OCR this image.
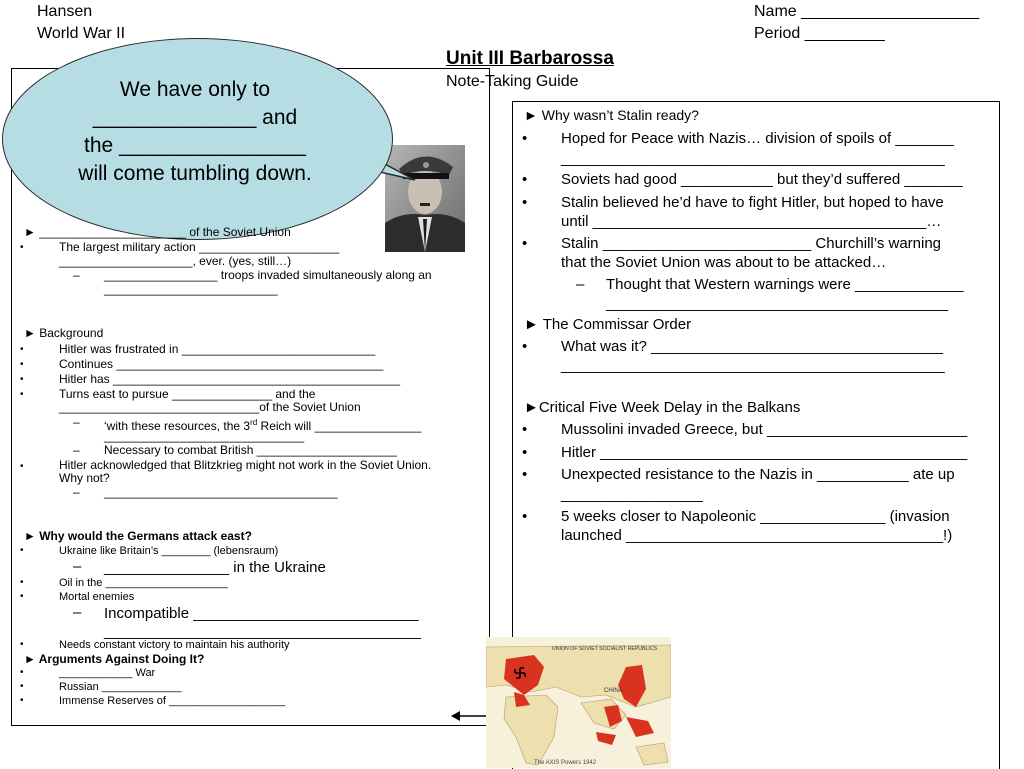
Hansen
World War II
Name ____________________
Period _________
Unit III Barbarossa
Note-Taking Guide
We have only to
______________ and
the ________________
will come tumbling down.
► ______________________ of the Soviet Union
•	The largest military action _____________________
____________________, ever. (yes, still…)
– _________________ troops invaded simultaneously along an
__________________________
► Background
•	Hitler was frustrated in _____________________________
•	Continues ________________________________________
•	Hitler has ___________________________________________
•	Turns east to pursue _______________ and the
______________________________of the Soviet Union
– ‘with these resources, the 3rd Reich will ________________
______________________________
– Necessary to combat British _____________________
•	Hitler acknowledged that Blitzkrieg might not work in the Soviet Union.
Why not?
– ___________________________________
► Why would the Germans attack east?
•	Ukraine like Britain’s ________ (lebensraum)
– _______________ in the Ukraine
•	Oil in the ____________________
•	Mortal enemies
– Incompatible ___________________________
______________________________________
•	Needs constant victory to maintain his authority
► Arguments Against Doing It?
•	____________ War
•	Russian _____________
•	Immense Reserves of ___________________
► Why wasn’t Stalin ready?
• Hoped for Peace with Nazis… division of spoils of _______
______________________________________________
• Soviets had good ___________ but they’d suffered _______
• Stalin believed he’d have to fight Hitler, but hoped to have
until ________________________________________…
• Stalin _________________________ Churchill’s warning
that the Soviet Union was about to be attacked…
– Thought that Western warnings were _____________
_________________________________________
► The Commissar Order
• What was it? ___________________________________
______________________________________________
►Critical Five Week Delay in the Balkans
• Mussolini invaded Greece, but ________________________
• Hitler ____________________________________________
• Unexpected resistance to the Nazis in ___________ ate up
_________________
• 5 weeks closer to Napoleonic _______________ (invasion
launched ______________________________________!)
UNION OF SOVIET SOCIALIST REPUBLICS
CHINA
The AXIS Powers 1942
